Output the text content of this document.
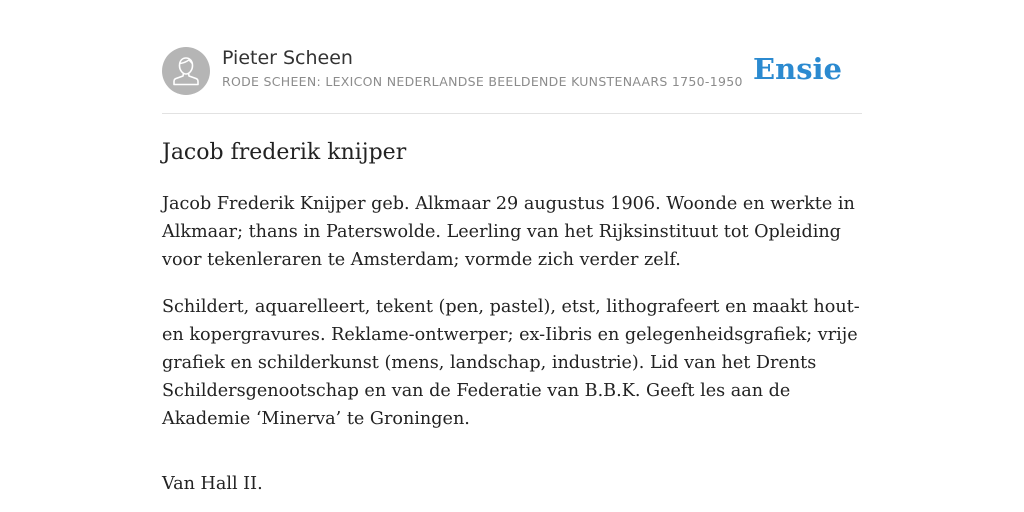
Pieter Scheen
RODE SCHEEN: LEXICON NEDERLANDSE BEELDENDE KUNSTENAARS 1750-1950 Ensie
Jacob frederik knijper

Jacob Frederik Knijper geb. Alkmaar 29 augustus 1906. Woonde en werkte in Alkmaar; thans in Paterswolde. Leerling van het Rijksinstituut tot Opleiding voor tekenleraren te Amsterdam; vormde zich verder zelf.

Schildert, aquarelleert, tekent (pen, pastel), etst, lithografeert en maakt hout- en kopergravures. Reklame-ontwerper; ex-Iibris en gelegenheidsgrafiek; vrije grafiek en schilderkunst (mens, landschap, industrie). Lid van het Drents Schildersgenootschap en van de Federatie van B.B.K. Geeft les aan de Akademie ‘Minerva’ te Groningen.

Van Hall II.
